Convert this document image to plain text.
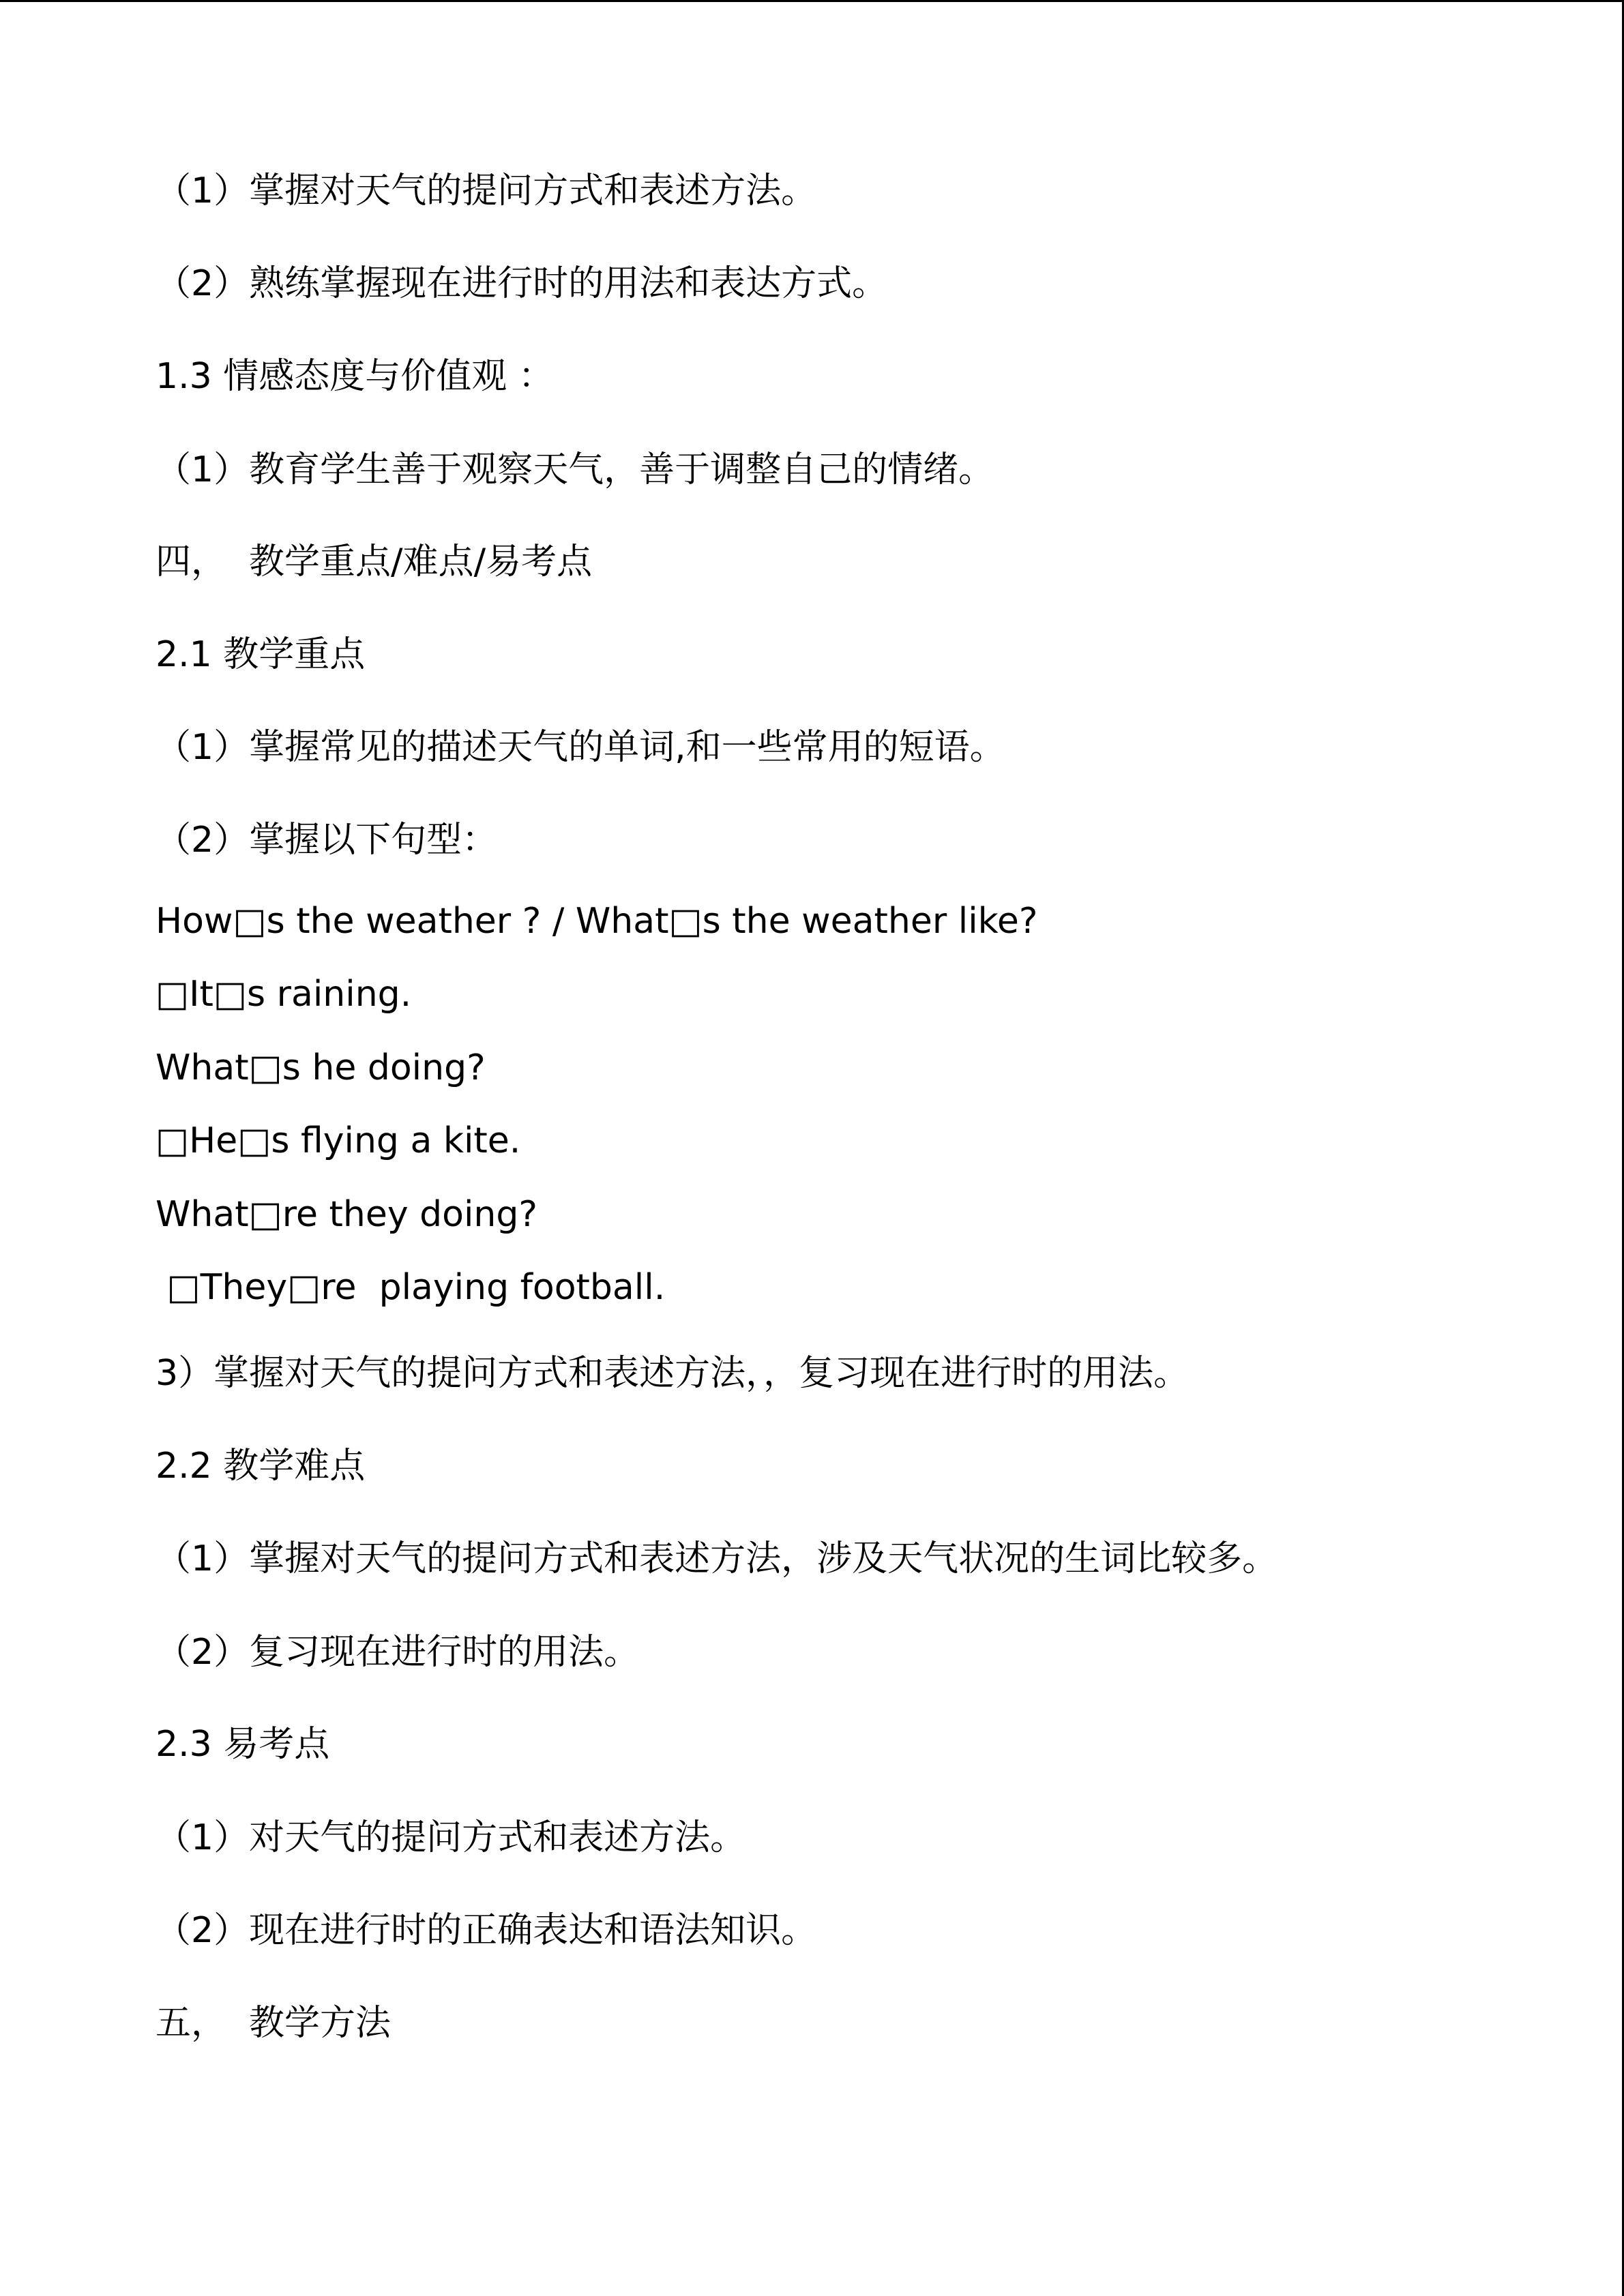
（1）掌握对天气的提问方式和表述方法。
（2）熟练掌握现在进行时的用法和表达方式。
1.3 情感态度与价值观 ：
（1）教育学生善于观察天气，善于调整自己的情绪。
四，  教学重点/难点/易考点
2.1 教学重点
（1）掌握常见的描述天气的单词,和一些常用的短语。
（2）掌握以下句型：
How□s the weather ? / What□s the weather like?
□It□s raining.
What□s he doing?
□He□s flying a kite.
What□re they doing?
□They□re  playing football.
3）掌握对天气的提问方式和表述方法，，复习现在进行时的用法。
2.2 教学难点
（1）掌握对天气的提问方式和表述方法，涉及天气状况的生词比较多。
（2）复习现在进行时的用法。
2.3 易考点
（1）对天气的提问方式和表述方法。
（2）现在进行时的正确表达和语法知识。
五，  教学方法
